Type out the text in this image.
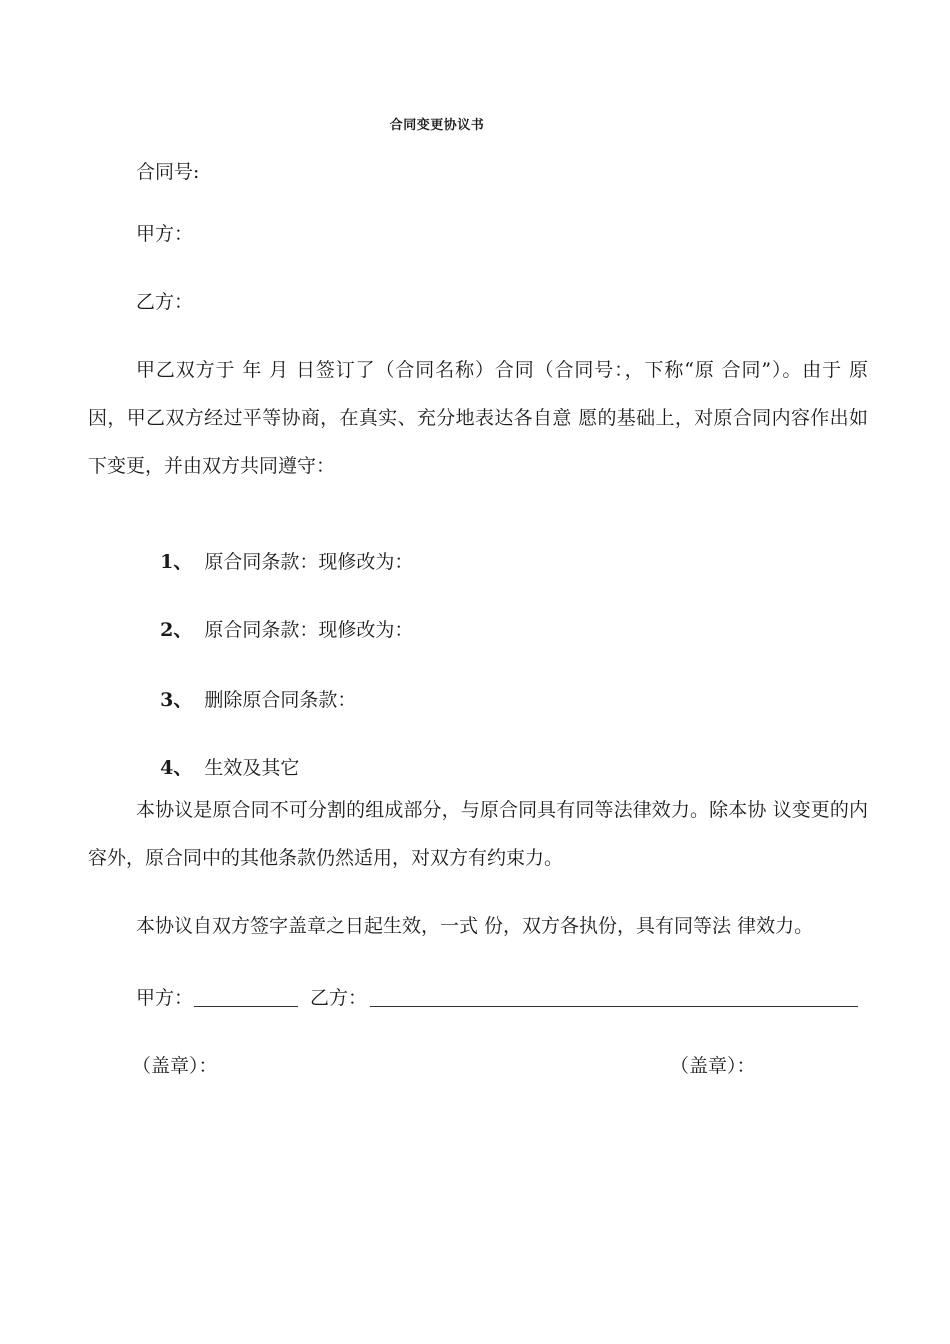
合同变更协议书
合同号:
甲方：
乙方：
甲乙双方于 年 月 日签订了（合同名称）合同（合同号：，下称“原 合同”）。由于 原因，甲乙双方经过平等协商，在真实、充分地表达各自意 愿的基础上，对原合同内容作出如下变更，并由双方共同遵守：

1、 原合同条款：现修改为：

2、 原合同条款：现修改为：

3、 删除原合同条款：

4、 生效及其它

本协议是原合同不可分割的组成部分，与原合同具有同等法律效力。除本协 议变更的内容外，原合同中的其他条款仍然适用，对双方有约束力。
本协议自双方签字盖章之日起生效，一式 份，双方各执份，具有同等法 律效力。
甲方：	乙方：
（盖章）：	（盖章）：
